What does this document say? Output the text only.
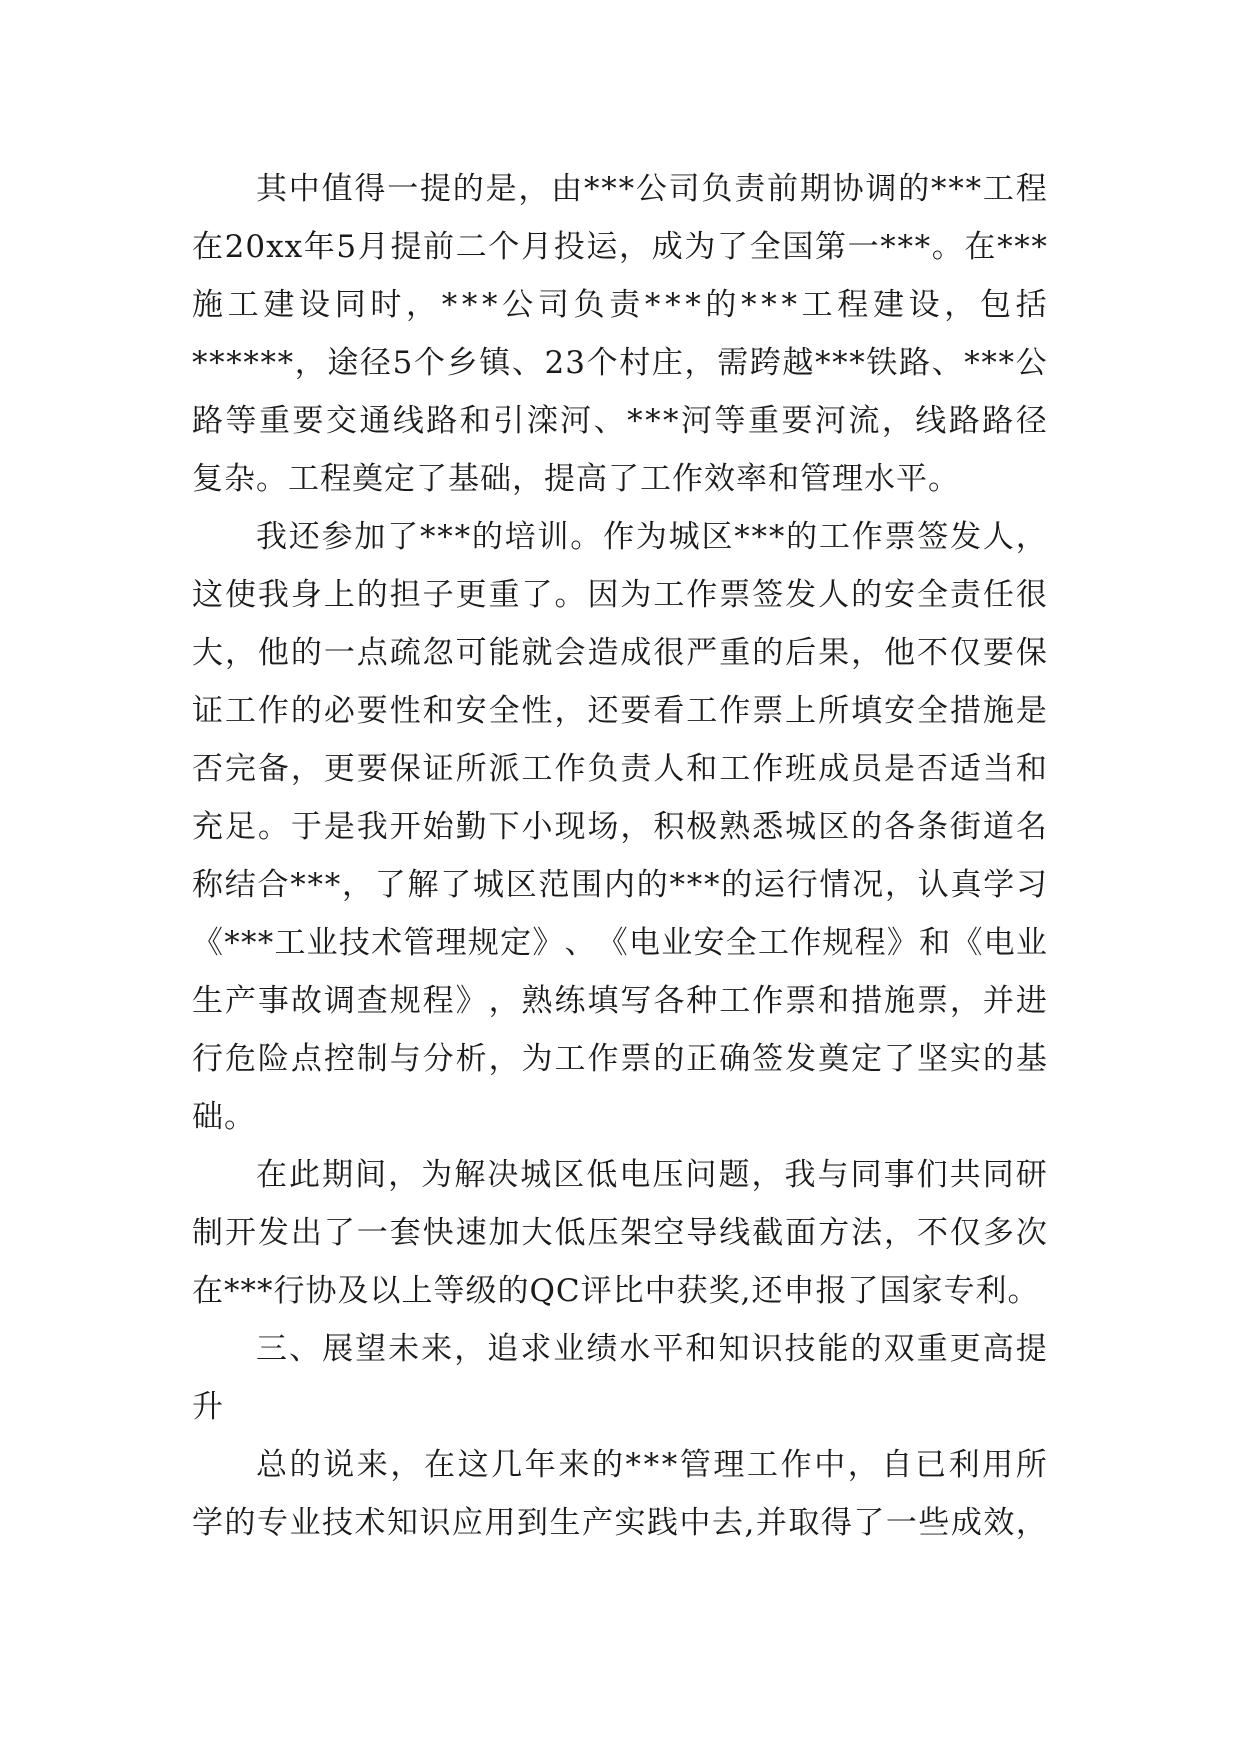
其 中 值 得 一 提 的 是 ， 由 * * * 公 司 负 责 前 期 协 调 的 * * * 工 程
在 20xx 年 5 月 提 前 二 个 月 投 运 ， 成 为 了 全 国 第 一 * * * 。 在 * * *
施 工 建 设 同 时 ， * * * 公 司 负 责 * * * 的 * * * 工 程 建 设 ， 包 括
* * * * * * ， 途 径 5 个 乡 镇 、 23 个 村 庄 ， 需 跨 越 * * * 铁 路 、 * * * 公
路 等 重 要 交 通 线 路 和 引 滦 河 、 * * * 河 等 重 要 河 流 ， 线 路 路 径
复杂。工程奠定了基础，提高了工作效率和管理水平。
我 还 参 加 了 * * * 的 培 训 。 作 为 城 区 * * * 的 工 作 票 签 发 人 ，
这 使 我 身 上 的 担 子 更 重 了 。 因 为 工 作 票 签 发 人 的 安 全 责 任 很
大 ， 他 的 一 点 疏 忽 可 能 就 会 造 成 很 严 重 的 后 果 ， 他 不 仅 要 保
证 工 作 的 必 要 性 和 安 全 性 ， 还 要 看 工 作 票 上 所 填 安 全 措 施 是
否 完 备 ， 更 要 保 证 所 派 工 作 负 责 人 和 工 作 班 成 员 是 否 适 当 和
充 足 。 于 是 我 开 始 勤 下 小 现 场 ， 积 极 熟 悉 城 区 的 各 条 街 道 名
称 结 合 * * * ， 了 解 了 城 区 范 围 内 的 * * * 的 运 行 情 况 ， 认 真 学 习
《 * * * 工 业 技 术 管 理 规 定 》 、 《 电 业 安 全 工 作 规 程 》 和 《 电 业
生 产 事 故 调 查 规 程 》 ， 熟 练 填 写 各 种 工 作 票 和 措 施 票 ， 并 进
行 危 险 点 控 制 与 分 析 ， 为 工 作 票 的 正 确 签 发 奠 定 了 坚 实 的 基
础。
在 此 期 间 ， 为 解 决 城 区 低 电 压 问 题 ， 我 与 同 事 们 共 同 研
制 开 发 出 了 一 套 快 速 加 大 低 压 架 空 导 线 截 面 方 法 ， 不 仅 多 次
在***行协及以上等级的QC评比中获奖,还申报了国家专利。
三 、 展 望 未 来 ， 追 求 业 绩 水 平 和 知 识 技 能 的 双 重 更 高 提
升
总 的 说 来 ， 在 这 几 年 来 的 * * * 管 理 工 作 中 ， 自 已 利 用 所
学 的 专 业 技 术 知 识 应 用 到 生 产 实 践 中 去 , 并 取 得 了 一 些 成 效 ，
